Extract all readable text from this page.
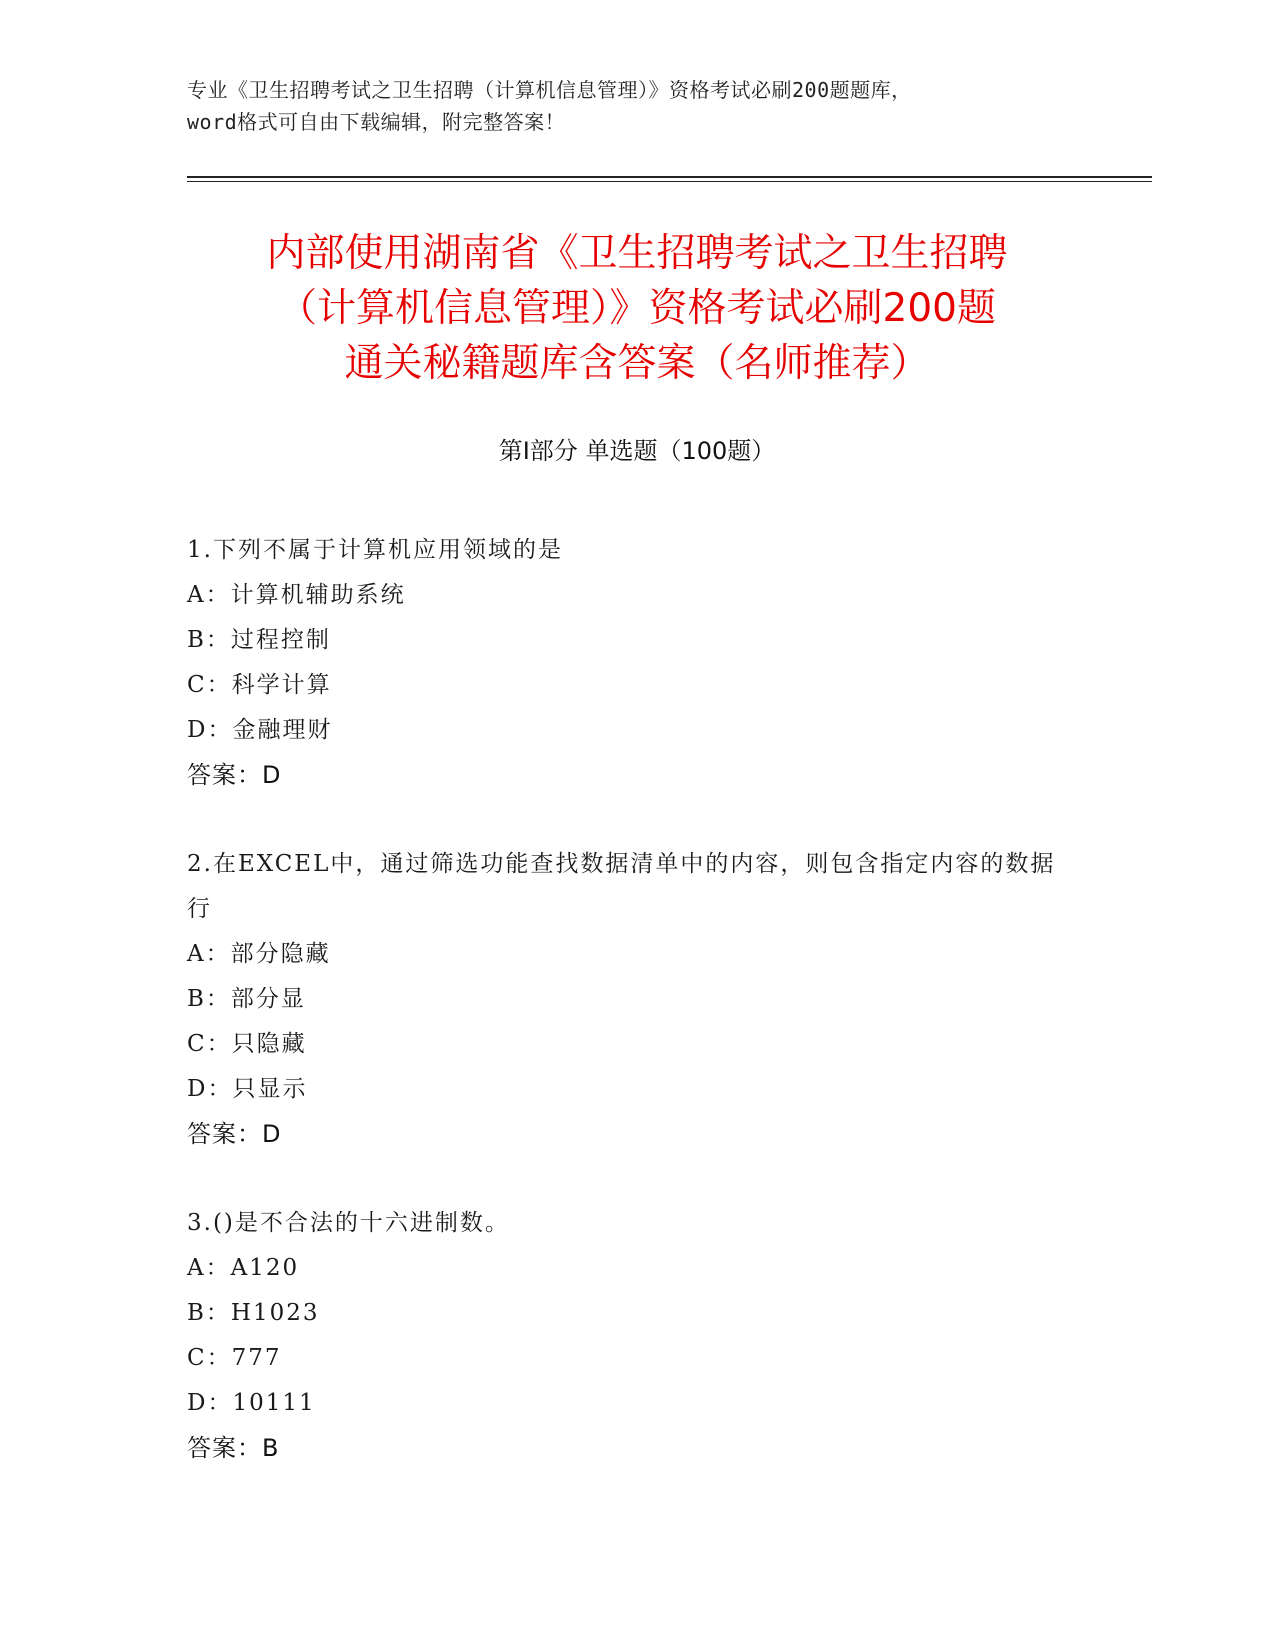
专业《卫生招聘考试之卫生招聘（计算机信息管理）》资格考试必刷200题题库，
word格式可自由下载编辑，附完整答案！
内部使用湖南省《卫生招聘考试之卫生招聘
（计算机信息管理）》资格考试必刷200题
通关秘籍题库含答案（名师推荐）
第Ⅰ部分 单选题（100题）
1.下列不属于计算机应用领域的是
A：计算机辅助系统
B：过程控制
C：科学计算
D：金融理财
答案：D
2.在EXCEL中，通过筛选功能查找数据清单中的内容，则包含指定内容的数据行
A：部分隐藏
B：部分显
C：只隐藏
D：只显示
答案：D
3.()是不合法的十六进制数。
A：A120
B：H1023
C：777
D：10111
答案：B
